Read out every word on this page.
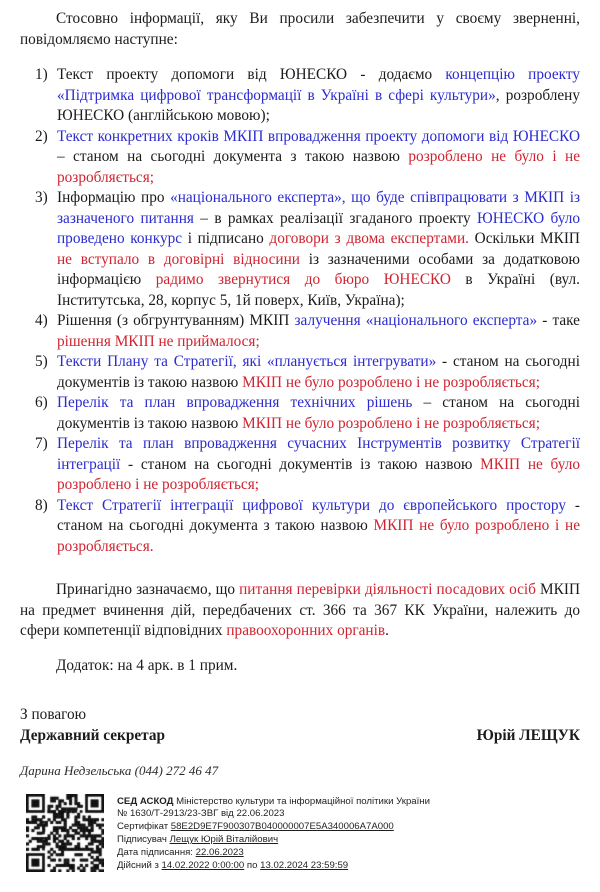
Стосовно інформації, яку Ви просили забезпечити у своєму зверненні, повідомляємо наступне:

1) Текст проекту допомоги від ЮНЕСКО - додаємо концепцію проекту «Підтримка цифрової трансформації в Україні в сфері культури», розроблену ЮНЕСКО (англійською мовою);
2) Текст конкретних кроків МКІП впровадження проекту допомоги від ЮНЕСКО – станом на сьогодні документа з такою назвою розроблено не було і не розробляється;
3) Інформацію про «національного експерта», що буде співпрацювати з МКІП із зазначеного питання – в рамках реалізації згаданого проекту ЮНЕСКО було проведено конкурс і підписано договори з двома експертами. Оскільки МКІП не вступало в договірні відносини із зазначеними особами за додатковою інформацією радимо звернутися до бюро ЮНЕСКО в Україні (вул. Інститутська, 28, корпус 5, 1й поверх, Київ, Україна);
4) Рішення (з обгрунтуванням) МКІП залучення «національного експерта» - таке рішення МКІП не приймалося;
5) Тексти Плану та Стратегії, які «планується інтегрувати» - станом на сьогодні документів із такою назвою МКІП не було розроблено і не розробляється;
6) Перелік та план впровадження технічних рішень – станом на сьогодні документів із такою назвою МКІП не було розроблено і не розробляється;
7) Перелік та план впровадження сучасних Інструментів розвитку Стратегії інтеграції - станом на сьогодні документів із такою назвою МКІП не було розроблено і не розробляється;
8) Текст Стратегії інтеграції цифрової культури до європейського простору - станом на сьогодні документа з такою назвою МКІП не було розроблено і не розробляється.

Принагідно зазначаємо, що питання перевірки діяльності посадових осіб МКІП на предмет вчинення дій, передбачених ст. 366 та 367 КК України, належить до сфери компетенції відповідних правоохоронних органів.

Додаток: на 4 арк. в 1 прим.

З повагою
Державний секретар	Юрій ЛЕЩУК
Дарина Недзельська (044) 272 46 47
СЕД АСКОД Міністерство культури та інформаційної політики України
№ 1630/Т-2913/23-ЗВГ від 22.06.2023
Сертифікат 58E2D9E7F900307B040000007E5A340006A7A000
Підписувач Лещук Юрій Віталійович
Дата підписання: 22.06.2023
Дійсний з 14.02.2022 0:00:00 по 13.02.2024 23:59:59
